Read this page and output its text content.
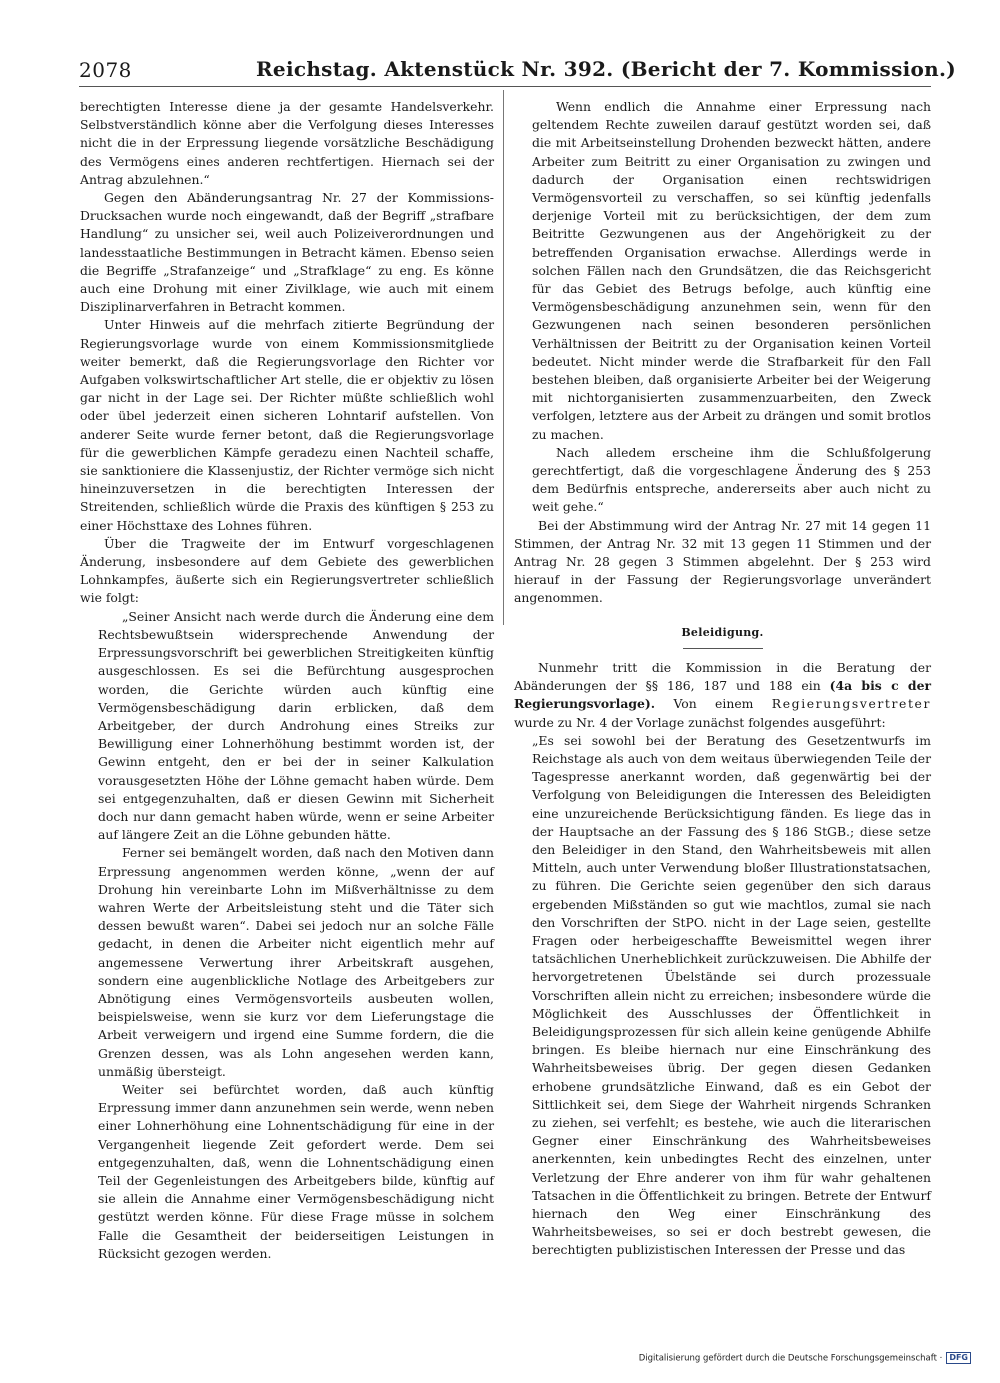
2078	Reichstag. Aktenstück Nr. 392. (Bericht der 7. Kommission.)

berechtigten Interesse diene ja der gesamte Handelsverkehr. Selbstverständlich könne aber die Verfolgung dieses Interesses nicht die in der Erpressung liegende vorsätzliche Beschädigung des Vermögens eines anderen rechtfertigen. Hiernach sei der Antrag abzulehnen.“

Gegen den Abänderungsantrag Nr. 27 der Kommissions-Drucksachen wurde noch eingewandt, daß der Begriff „strafbare Handlung“ zu unsicher sei, weil auch Polizeiverordnungen und landesstaatliche Bestimmungen in Betracht kämen. Ebenso seien die Begriffe „Strafanzeige“ und „Strafklage“ zu eng. Es könne auch eine Drohung mit einer Zivilklage, wie auch mit einem Disziplinarverfahren in Betracht kommen.

Unter Hinweis auf die mehrfach zitierte Begründung der Regierungsvorlage wurde von einem Kommissionsmitgliede weiter bemerkt, daß die Regierungsvorlage den Richter vor Aufgaben volkswirtschaftlicher Art stelle, die er objektiv zu lösen gar nicht in der Lage sei. Der Richter müßte schließlich wohl oder übel jederzeit einen sicheren Lohntarif aufstellen. Von anderer Seite wurde ferner betont, daß die Regierungsvorlage für die gewerblichen Kämpfe geradezu einen Nachteil schaffe, sie sanktioniere die Klassenjustiz, der Richter vermöge sich nicht hineinzuversetzen in die berechtigten Interessen der Streitenden, schließlich würde die Praxis des künftigen § 253 zu einer Höchsttaxe des Lohnes führen.

Über die Tragweite der im Entwurf vorgeschlagenen Änderung, insbesondere auf dem Gebiete des gewerblichen Lohnkampfes, äußerte sich ein Regierungsvertreter schließlich wie folgt:

„Seiner Ansicht nach werde durch die Änderung eine dem Rechtsbewußtsein widersprechende Anwendung der Erpressungsvorschrift bei gewerblichen Streitigkeiten künftig ausgeschlossen. Es sei die Befürchtung ausgesprochen worden, die Gerichte würden auch künftig eine Vermögensbeschädigung darin erblicken, daß dem Arbeitgeber, der durch Androhung eines Streiks zur Bewilligung einer Lohnerhöhung bestimmt worden ist, der Gewinn entgeht, den er bei der in seiner Kalkulation vorausgesetzten Höhe der Löhne gemacht haben würde. Dem sei entgegenzuhalten, daß er diesen Gewinn mit Sicherheit doch nur dann gemacht haben würde, wenn er seine Arbeiter auf längere Zeit an die Löhne gebunden hätte.

Ferner sei bemängelt worden, daß nach den Motiven dann Erpressung angenommen werden könne, „wenn der auf Drohung hin vereinbarte Lohn im Mißverhältnisse zu dem wahren Werte der Arbeitsleistung steht und die Täter sich dessen bewußt waren“. Dabei sei jedoch nur an solche Fälle gedacht, in denen die Arbeiter nicht eigentlich mehr auf angemessene Verwertung ihrer Arbeitskraft ausgehen, sondern eine augenblickliche Notlage des Arbeitgebers zur Abnötigung eines Vermögensvorteils ausbeuten wollen, beispielsweise, wenn sie kurz vor dem Lieferungstage die Arbeit verweigern und irgend eine Summe fordern, die die Grenzen dessen, was als Lohn angesehen werden kann, unmäßig übersteigt.

Weiter sei befürchtet worden, daß auch künftig Erpressung immer dann anzunehmen sein werde, wenn neben einer Lohnerhöhung eine Lohnentschädigung für eine in der Vergangenheit liegende Zeit gefordert werde. Dem sei entgegenzuhalten, daß, wenn die Lohnentschädigung einen Teil der Gegenleistungen des Arbeitgebers bilde, künftig auf sie allein die Annahme einer Vermögensbeschädigung nicht gestützt werden könne. Für diese Frage müsse in solchem Falle die Gesamtheit der beiderseitigen Leistungen in Rücksicht gezogen werden.

Wenn endlich die Annahme einer Erpressung nach geltendem Rechte zuweilen darauf gestützt worden sei, daß die mit Arbeitseinstellung Drohenden bezweckt hätten, andere Arbeiter zum Beitritt zu einer Organisation zu zwingen und dadurch der Organisation einen rechtswidrigen Vermögensvorteil zu verschaffen, so sei künftig jedenfalls derjenige Vorteil mit zu berücksichtigen, der dem zum Beitritte Gezwungenen aus der Angehörigkeit zu der betreffenden Organisation erwachse. Allerdings werde in solchen Fällen nach den Grundsätzen, die das Reichsgericht für das Gebiet des Betrugs befolge, auch künftig eine Vermögensbeschädigung anzunehmen sein, wenn für den Gezwungenen nach seinen besonderen persönlichen Verhältnissen der Beitritt zu der Organisation keinen Vorteil bedeutet. Nicht minder werde die Strafbarkeit für den Fall bestehen bleiben, daß organisierte Arbeiter bei der Weigerung mit nichtorganisierten zusammenzuarbeiten, den Zweck verfolgen, letztere aus der Arbeit zu drängen und somit brotlos zu machen.

Nach alledem erscheine ihm die Schlußfolgerung gerechtfertigt, daß die vorgeschlagene Änderung des § 253 dem Bedürfnis entspreche, andererseits aber auch nicht zu weit gehe.“

Bei der Abstimmung wird der Antrag Nr. 27 mit 14 gegen 11 Stimmen, der Antrag Nr. 32 mit 13 gegen 11 Stimmen und der Antrag Nr. 28 gegen 3 Stimmen abgelehnt. Der § 253 wird hierauf in der Fassung der Regierungsvorlage unverändert angenommen.

Beleidigung.

Nunmehr tritt die Kommission in die Beratung der Abänderungen der §§ 186, 187 und 188 ein (4a bis c der Regierungsvorlage). Von einem Regierungsvertreter wurde zu Nr. 4 der Vorlage zunächst folgendes ausgeführt:

„Es sei sowohl bei der Beratung des Gesetzentwurfs im Reichstage als auch von dem weitaus überwiegenden Teile der Tagespresse anerkannt worden, daß gegenwärtig bei der Verfolgung von Beleidigungen die Interessen des Beleidigten eine unzureichende Berücksichtigung fänden. Es liege das in der Hauptsache an der Fassung des § 186 StGB.; diese setze den Beleidiger in den Stand, den Wahrheitsbeweis mit allen Mitteln, auch unter Verwendung bloßer Illustrationstatsachen, zu führen. Die Gerichte seien gegenüber den sich daraus ergebenden Mißständen so gut wie machtlos, zumal sie nach den Vorschriften der StPO. nicht in der Lage seien, gestellte Fragen oder herbeigeschaffte Beweismittel wegen ihrer tatsächlichen Unerheblichkeit zurückzuweisen. Die Abhilfe der hervorgetretenen Übelstände sei durch prozessuale Vorschriften allein nicht zu erreichen; insbesondere würde die Möglichkeit des Ausschlusses der Öffentlichkeit in Beleidigungsprozessen für sich allein keine genügende Abhilfe bringen. Es bleibe hiernach nur eine Einschränkung des Wahrheitsbeweises übrig. Der gegen diesen Gedanken erhobene grundsätzliche Einwand, daß es ein Gebot der Sittlichkeit sei, dem Siege der Wahrheit nirgends Schranken zu ziehen, sei verfehlt; es bestehe, wie auch die literarischen Gegner einer Einschränkung des Wahrheitsbeweises anerkennten, kein unbedingtes Recht des einzelnen, unter Verletzung der Ehre anderer von ihm für wahr gehaltenen Tatsachen in die Öffentlichkeit zu bringen. Betrete der Entwurf hiernach den Weg einer Einschränkung des Wahrheitsbeweises, so sei er doch bestrebt gewesen, die berechtigten publizistischen Interessen der Presse und das

Digitalisierung gefördert durch die Deutsche Forschungsgemeinschaft · DFG
